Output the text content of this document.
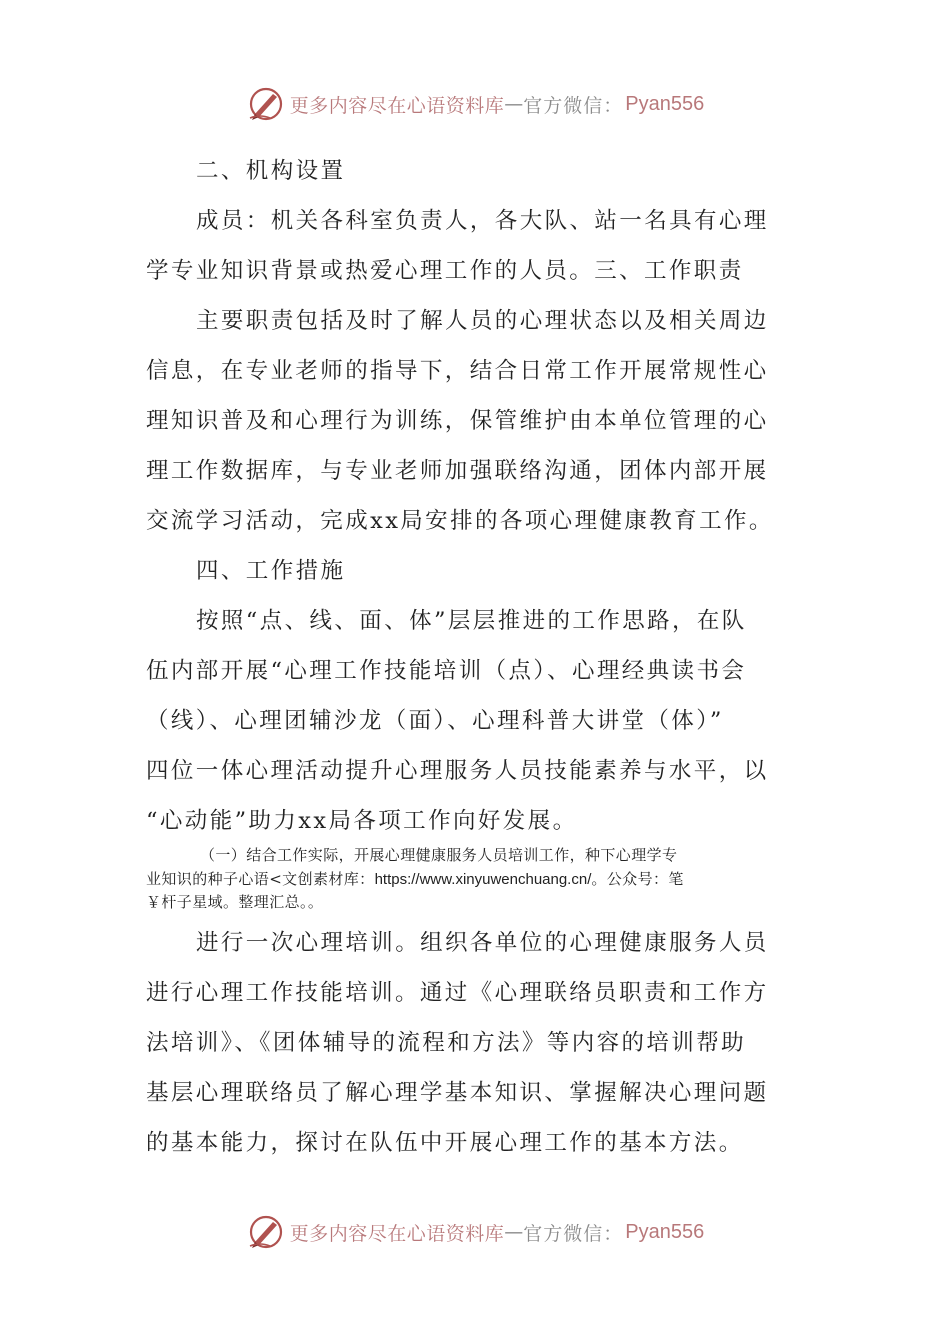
更多内容尽在心语资料库 — 官方微信： Pyan556
二、机构设置
成员：机关各科室负责人，各大队、站一名具有心理
学专业知识背景或热爱心理工作的人员。三、工作职责
主要职责包括及时了解人员的心理状态以及相关周边
信息，在专业老师的指导下，结合日常工作开展常规性心
理知识普及和心理行为训练，保管维护由本单位管理的心
理工作数据库，与专业老师加强联络沟通，团体内部开展
交流学习活动，完成xx局安排的各项心理健康教育工作。
四、工作措施
按照“点、线、面、体”层层推进的工作思路，在队
伍内部开展“心理工作技能培训（点）、心理经典读书会
（线）、心理团辅沙龙（面）、心理科普大讲堂（体）”
四位一体心理活动提升心理服务人员技能素养与水平，以
“心动能”助力xx局各项工作向好发展。
（一）结合工作实际，开展心理健康服务人员培训工作，种下心理学专
业知识的种子心语<文创素材库：https://www.xinyuwenchuang.cn/。公众号：笔
￥杆子星域。整理汇总。。
进行一次心理培训。组织各单位的心理健康服务人员
进行心理工作技能培训。通过《心理联络员职责和工作方
法培训》、《团体辅导的流程和方法》等内容的培训帮助
基层心理联络员了解心理学基本知识、掌握解决心理问题
的基本能力，探讨在队伍中开展心理工作的基本方法。
更多内容尽在心语资料库 — 官方微信： Pyan556
